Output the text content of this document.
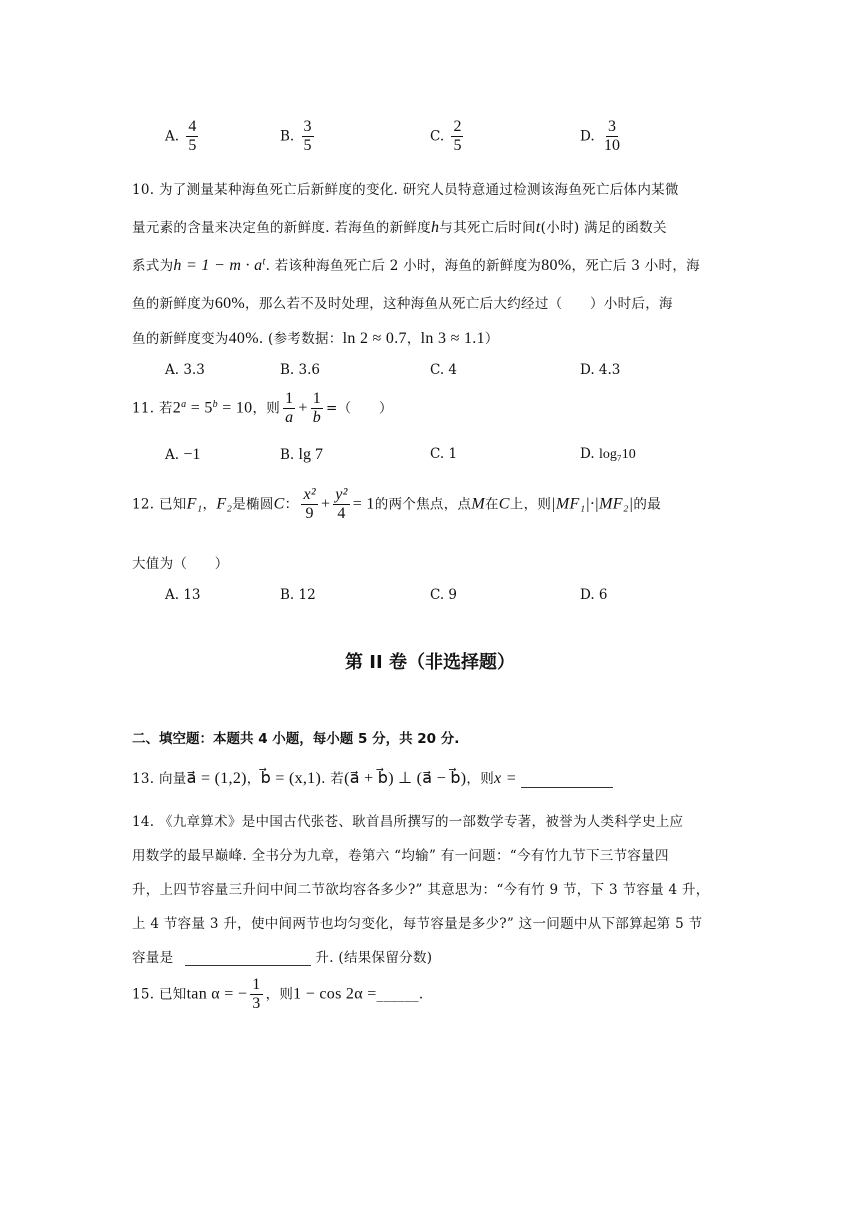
A. $\frac{4}{5}$	B. $\frac{3}{5}$	C. $\frac{2}{5}$	D. $\frac{3}{10}$
10. 为了测量某种海鱼死亡后新鲜度的变化. 研究人员特意通过检测该海鱼死亡后体内某微
量元素的含量来决定鱼的新鲜度. 若海鱼的新鲜度h与其死亡后时间t(小时) 满足的函数关
系式为$h = 1 - m \cdot a^t$. 若该种海鱼死亡后 2 小时，海鱼的新鲜度为80%，死亡后 3 小时，海
鱼的新鲜度为60%，那么若不及时处理，这种海鱼从死亡后大约经过（　　）小时后，海
鱼的新鲜度变为40%. (参考数据：ln 2 ≈ 0.7，ln 3 ≈ 1.1）
A. 3.3	B. 3.6	C. 4	D. 4.3
11. 若$2^a = 5^b = 10$，则 $\frac{1}{a} + \frac{1}{b}$ =（　　）
A. −1	B. lg 7	C. 1	D. log₇10
12. 已知F₁，F₂是椭圆C： $\frac{\text{x²}}{9} + \frac{\text{y²}}{4} = 1$的两个焦点，点M在C上，则|MF₁|·|MF₂|的最
大值为（　　）
A. 13	B. 12	C. 9	D. 6
第 II 卷（非选择题）
二、填空题：本题共 4 小题，每小题 5 分，共 20 分.
13. 向量a⃗ = (1,2)，b⃗ = (x,1). 若(a⃗ + b⃗) ⊥ (a⃗ − b⃗)，则x =
14. 《九章算术》是中国古代张苍、耿首昌所撰写的一部数学专著，被誉为人类科学史上应
用数学的最早巅峰. 全书分为九章，卷第六 “均输” 有一问题：“今有竹九节下三节容量四
升，上四节容量三升问中间二节欲均容各多少?” 其意思为：“今有竹 9 节，下 3 节容量 4 升，
上 4 节容量 3 升，使中间两节也均匀变化，每节容量是多少?” 这一问题中从下部算起第 5 节
容量是	升. (结果保留分数)
15. 已知tan α = − $\frac{1}{3}$ ，则1 − cos 2α =______.
